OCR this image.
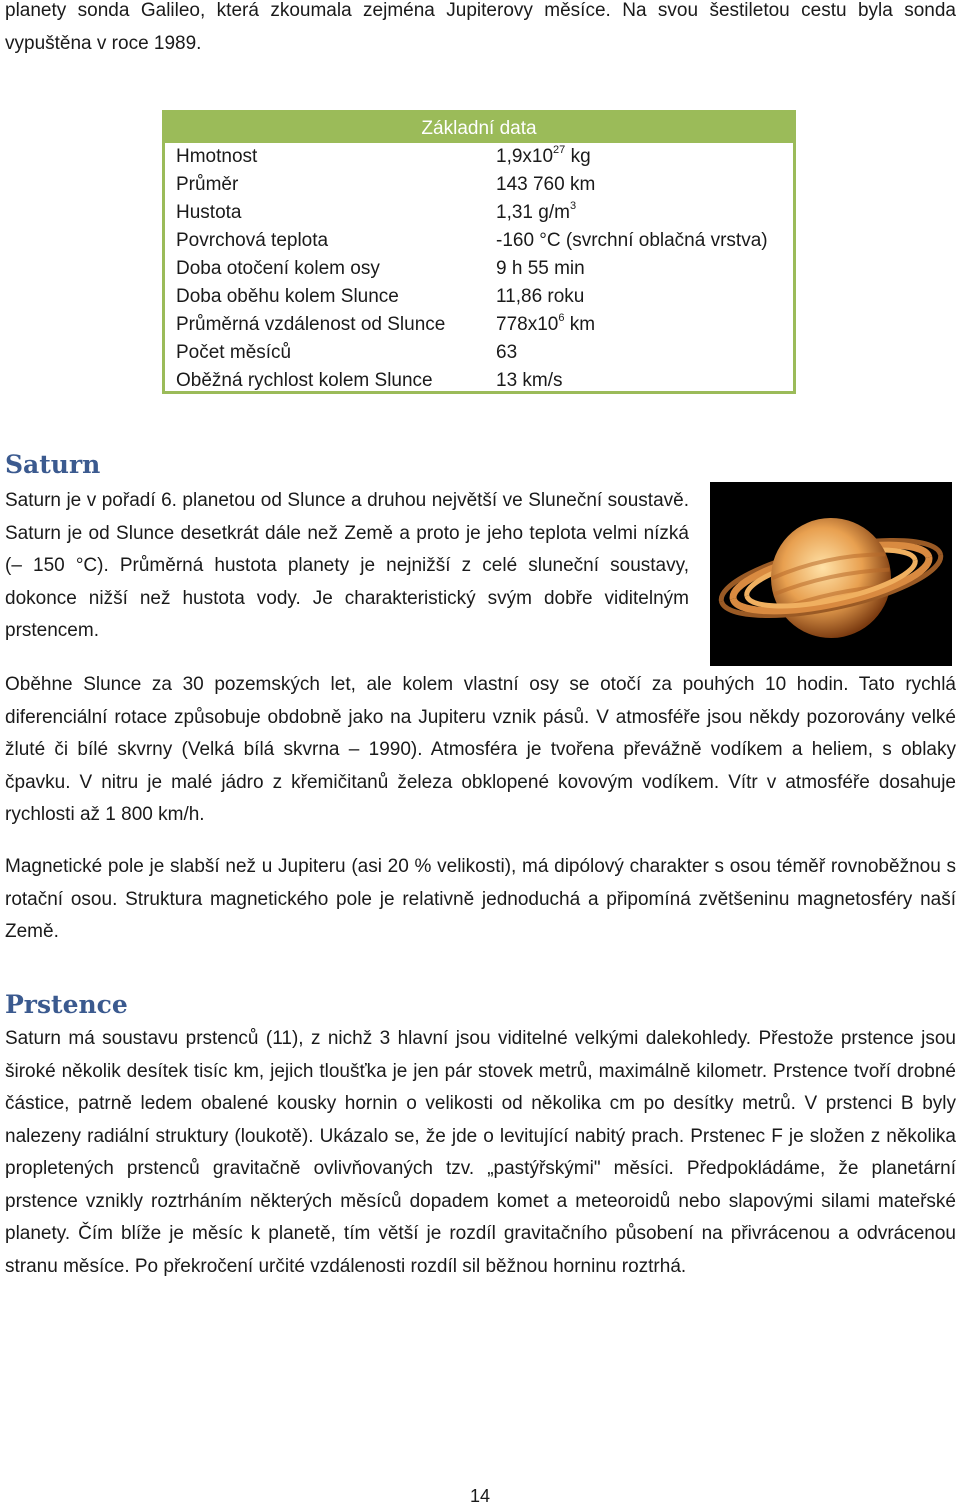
planety sonda Galileo, která zkoumala zejména Jupiterovy měsíce. Na svou šestiletou cestu byla sonda vypuštěna v roce 1989.

Základní data
Hmotnost	$1,9x10^{27}$ kg
Průměr	143 760 km
Hustota	1,31 $g/m^3$
Povrchová teplota	-160 °C (svrchní oblačná vrstva)
Doba otočení kolem osy	9 h 55 min
Doba oběhu kolem Slunce	11,86 roku
Průměrná vzdálenost od Slunce	$778x10^6$ km
Počet měsíců	63
Oběžná rychlost kolem Slunce	13 km/s
Saturn

Saturn je v pořadí 6. planetou od Slunce a druhou největší ve Sluneční soustavě. Saturn je od Slunce desetkrát dále než Země a proto je jeho teplota velmi nízká (– 150 °C). Průměrná hustota planety je nejnižší z celé sluneční soustavy, dokonce nižší než hustota vody. Je charakteristický svým dobře viditelným prstencem.

Oběhne Slunce za 30 pozemských let, ale kolem vlastní osy se otočí za pouhých 10 hodin. Tato rychlá diferenciální rotace způsobuje obdobně jako na Jupiteru vznik pásů. V atmosféře jsou někdy pozorovány velké žluté či bílé skvrny (Velká bílá skvrna – 1990). Atmosféra je tvořena převážně vodíkem a heliem, s oblaky čpavku. V nitru je malé jádro z křemičitanů železa obklopené kovovým vodíkem. Vítr v atmosféře dosahuje rychlosti až 1 800 km/h.

Magnetické pole je slabší než u Jupiteru (asi 20 % velikosti), má dipólový charakter s osou téměř rovnoběžnou s rotační osou. Struktura magnetického pole je relativně jednoduchá a připomíná zvětšeninu magnetosféry naší Země.

Prstence

Saturn má soustavu prstenců (11), z nichž 3 hlavní jsou viditelné velkými dalekohledy. Přestože prstence jsou široké několik desítek tisíc km, jejich tloušťka je jen pár stovek metrů, maximálně kilometr. Prstence tvoří drobné částice, patrně ledem obalené kousky hornin o velikosti od několika cm po desítky metrů. V prstenci B byly nalezeny radiální struktury (loukotě). Ukázalo se, že jde o levitující nabitý prach. Prstenec F je složen z několika propletených prstenců gravitačně ovlivňovaných tzv. „pastýřskými" měsíci. Předpokládáme, že planetární prstence vznikly roztrháním některých měsíců dopadem komet a meteoroidů nebo slapovými silami mateřské planety. Čím blíže je měsíc k planetě, tím větší je rozdíl gravitačního působení na přivrácenou a odvrácenou stranu měsíce. Po překročení určité vzdálenosti rozdíl sil běžnou horninu roztrhá.

14
